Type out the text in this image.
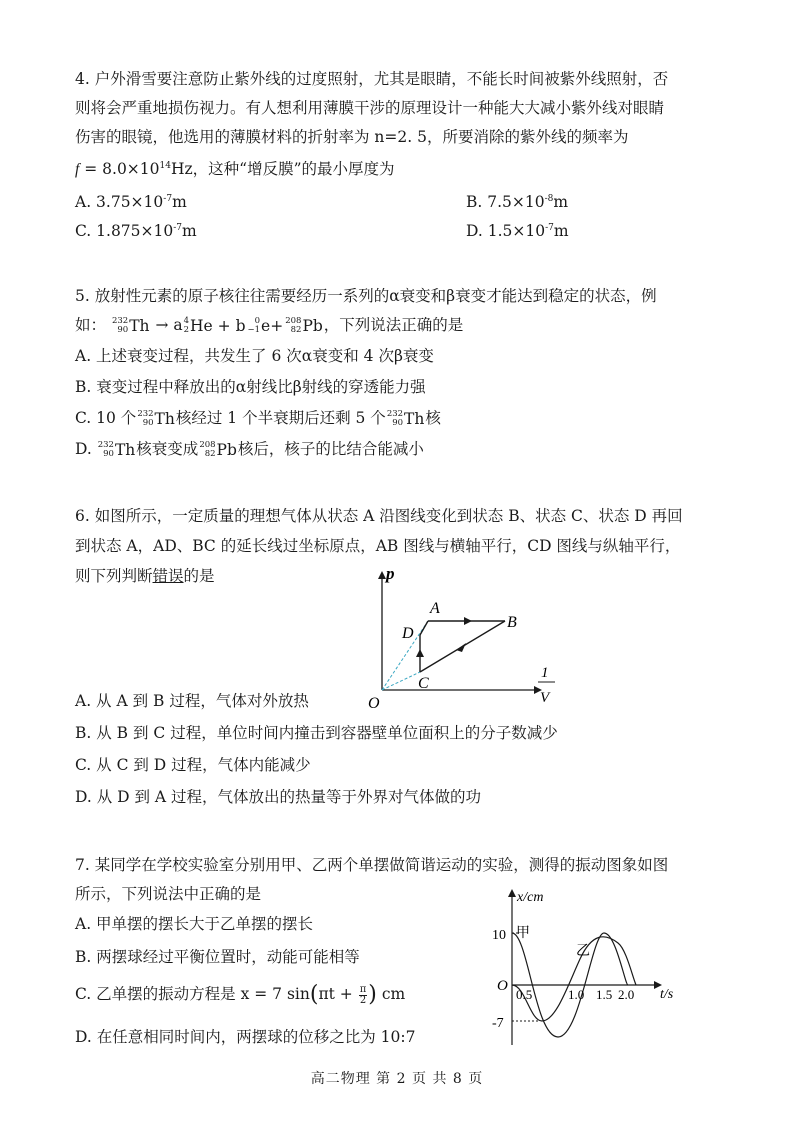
4. 户外滑雪要注意防止紫外线的过度照射，尤其是眼睛，不能长时间被紫外线照射，否
则将会严重地损伤视力。有人想利用薄膜干涉的原理设计一种能大大减小紫外线对眼睛
伤害的眼镜，他选用的薄膜材料的折射率为 n=2. 5，所要消除的紫外线的频率为
$f = 8.0\times 10^{14}Hz$，这种“增反膜”的最小厚度为
A. $3.75\times 10^{-7}m$	B. $7.5\times 10^{-8}m$
C. $1.875\times 10^{-7}m$	D. $1.5\times 10^{-7}m$
5. 放射性元素的原子核往往需要经历一系列的α衰变和β衰变才能达到稳定的状态，例
如： 232
90 Th → a 4
2 He + b	0
−1 e+ 208
82 Pb ，下列说法正确的是
A. 上述衰变过程，共发生了 6 次α衰变和 4 次β衰变
B. 衰变过程中释放出的α射线比β射线的穿透能力强
C. 10 个 232
90 Th 核经过 1 个半衰期后还剩 5 个 232
90 Th 核
D. 232
90 Th 核衰变成 208
82 Pb 核后，核子的比结合能减小
6. 如图所示，一定质量的理想气体从状态 A 沿图线变化到状态 B、状态 C、状态 D 再回
到状态 A，AD、BC 的延长线过坐标原点，AB 图线与横轴平行，CD 图线与纵轴平行，
则下列判断错误的是	p
1
V
O
A
B
C
D
A. 从 A 到 B 过程，气体对外放热
B. 从 B 到 C 过程，单位时间内撞击到容器壁单位面积上的分子数减少
C. 从 C 到 D 过程，气体内能减少
D. 从 D 到 A 过程，气体放出的热量等于外界对气体做的功
7. 某同学在学校实验室分别用甲、乙两个单摆做简谐运动的实验，测得的振动图象如图
所示，下列说法中正确的是
A. 甲单摆的摆长大于乙单摆的摆长
B. 两摆球经过平衡位置时，动能可能相等
C. 乙单摆的振动方程是 x = 7 $\sin(\pi t + \frac{\pi}{2}$ ) cm
D. 在任意相同时间内，两摆球的位移之比为 10:7
x/cm
t/s
O
10
-7
0.5	1.0 1.5 2.0
甲
乙
高二物理 第 2 页 共 8 页
